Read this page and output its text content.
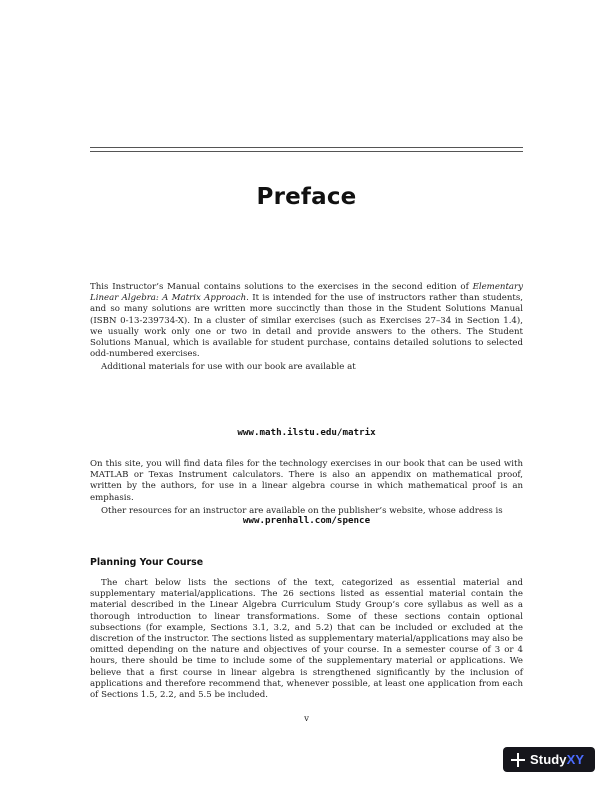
Preface

This Instructor’s Manual contains solutions to the exercises in the second edition of Elementary Linear Algebra: A Matrix Approach. It is intended for the use of instructors rather than students, and so many solutions are written more succinctly than those in the Student Solutions Manual (ISBN 0-13-239734-X). In a cluster of similar exercises (such as Exercises 27–34 in Section 1.4), we usually work only one or two in detail and provide answers to the others. The Student Solutions Manual, which is available for student purchase, contains detailed solutions to selected odd-numbered exercises.

Additional materials for use with our book are available at

www.math.ilstu.edu/matrix

On this site, you will find data files for the technology exercises in our book that can be used with MATLAB or Texas Instrument calculators. There is also an appendix on mathematical proof, written by the authors, for use in a linear algebra course in which mathematical proof is an emphasis.

Other resources for an instructor are available on the publisher’s website, whose address is

www.prenhall.com/spence
Planning Your Course

The chart below lists the sections of the text, categorized as essential material and supplementary material/applications. The 26 sections listed as essential material contain the material described in the Linear Algebra Curriculum Study Group’s core syllabus as well as a thorough introduction to linear transformations. Some of these sections contain optional subsections (for example, Sections 3.1, 3.2, and 5.2) that can be included or excluded at the discretion of the instructor. The sections listed as supplementary material/applications may also be omitted depending on the nature and objectives of your course. In a semester course of 3 or 4 hours, there should be time to include some of the supplementary material or applications. We believe that a first course in linear algebra is strengthened significantly by the inclusion of applications and therefore recommend that, whenever possible, at least one application from each of Sections 1.5, 2.2, and 5.5 be included.

v
StudyXY
